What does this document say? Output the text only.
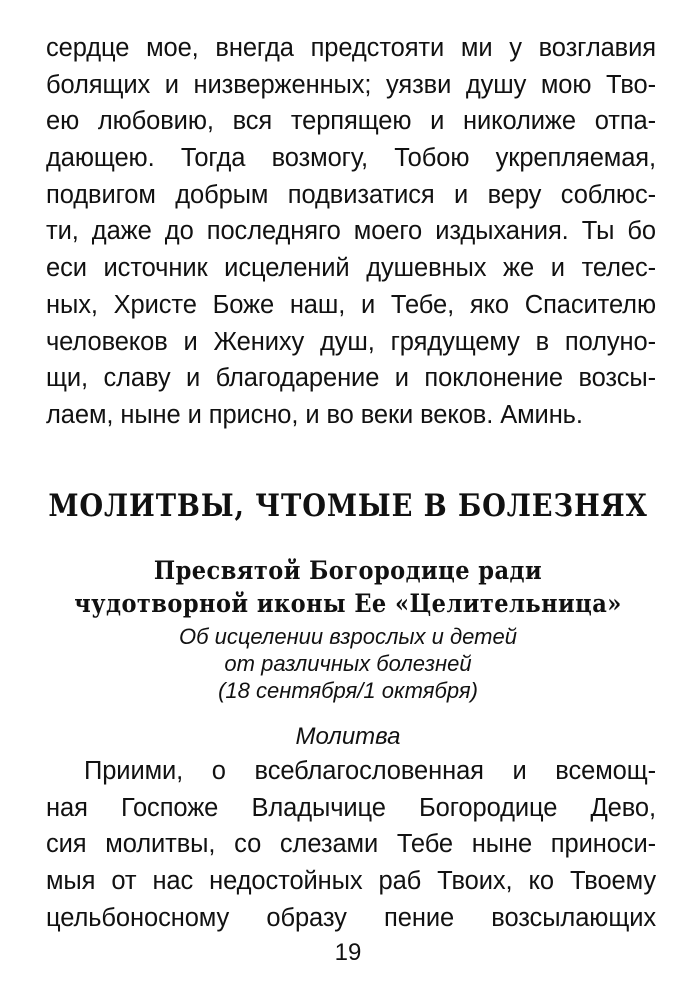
сердце мое, внегда предстояти ми у возглавия
болящих и низверженных; уязви душу мою Тво-
ею любовию, вся терпящею и николиже отпа-
дающею. Тогда возмогу, Тобою укрепляемая,
подвигом добрым подвизатися и веру соблюс-
ти, даже до последняго моего издыхания. Ты бо
еси источник исцелений душевных же и телес-
ных, Христе Боже наш, и Тебе, яко Спасителю
человеков и Жениху душ, грядущему в полуно-
щи, славу и благодарение и поклонение возсы-
лаем, ныне и присно, и во веки веков. Аминь.
МОЛИТВЫ, ЧТОМЫЕ В БОЛЕЗНЯХ
Пресвятой Богородице ради
чудотворной иконы Ее «Целительница»
Об исцелении взрослых и детей
от различных болезней
(18 сентября/1 октября)
Молитва
Приими, о всеблагословенная и всемощ-
ная Госпоже Владычице Богородице Дево,
сия молитвы, со слезами Тебе ныне приноси-
мыя от нас недостойных раб Твоих, ко Твоему
цельбоносному образу пение возсылающих
19
